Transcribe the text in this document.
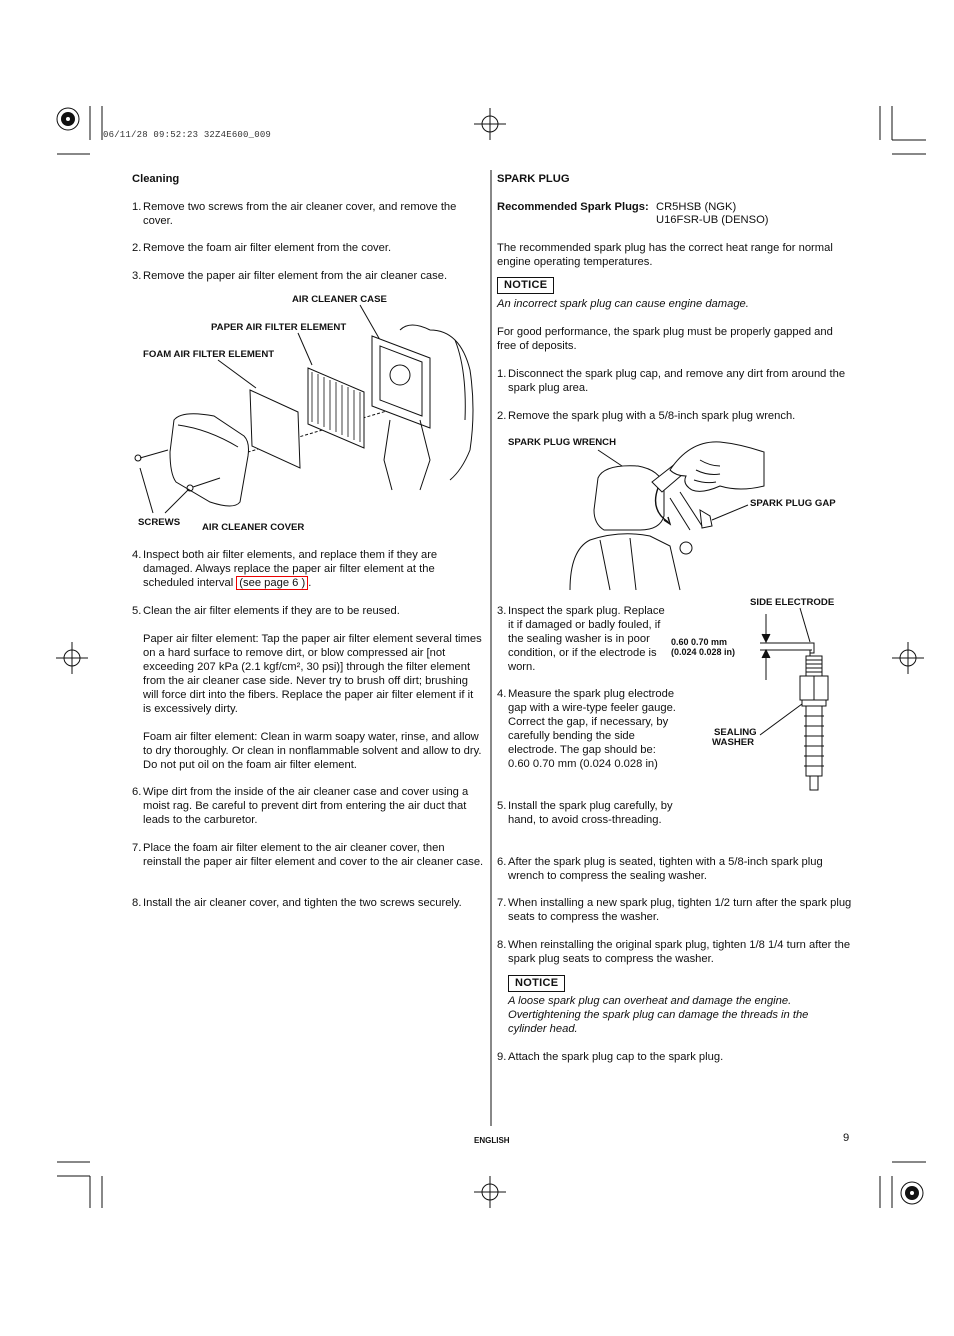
06/11/28 09:52:23 32Z4E600_009
Cleaning
1. Remove two screws from the air cleaner cover, and remove the cover.
2. Remove the foam air filter element from the cover.
3. Remove the paper air filter element from the air cleaner case.
AIR CLEANER CASE
PAPER AIR FILTER ELEMENT
FOAM AIR FILTER ELEMENT
SCREWS AIR CLEANER COVER
4. Inspect both air filter elements, and replace them if they are damaged. Always replace the paper air filter element at the scheduled interval (see page 6 ) .
5. Clean the air filter elements if they are to be reused.
Paper air filter element: Tap the paper air filter element several times on a hard surface to remove dirt, or blow compressed air [not exceeding 207 kPa (2.1 kgf/cm², 30 psi)] through the filter element from the air cleaner case side. Never try to brush off dirt; brushing will force dirt into the fibers. Replace the paper air filter element if it is excessively dirty.
Foam air filter element: Clean in warm soapy water, rinse, and allow to dry thoroughly. Or clean in nonflammable solvent and allow to dry. Do not put oil on the foam air filter element.
6. Wipe dirt from the inside of the air cleaner case and cover using a moist rag. Be careful to prevent dirt from entering the air duct that leads to the carburetor.
7. Place the foam air filter element to the air cleaner cover, then reinstall the paper air filter element and cover to the air cleaner case.
8. Install the air cleaner cover, and tighten the two screws securely.
SPARK PLUG
Recommended Spark Plugs: CR5HSB (NGK)
U16FSR-UB (DENSO)
The recommended spark plug has the correct heat range for normal engine operating temperatures.
NOTICE
An incorrect spark plug can cause engine damage.
For good performance, the spark plug must be properly gapped and free of deposits.
1. Disconnect the spark plug cap, and remove any dirt from around the spark plug area.
2. Remove the spark plug with a 5/8-inch spark plug wrench.
SPARK PLUG WRENCH
SPARK PLUG GAP
SIDE ELECTRODE
0.60 0.70 mm
(0.024 0.028 in)
SEALING
WASHER
3. Inspect the spark plug. Replace it if damaged or badly fouled, if the sealing washer is in poor condition, or if the electrode is worn.
4. Measure the spark plug electrode gap with a wire-type feeler gauge. Correct the gap, if necessary, by carefully bending the side electrode. The gap should be:
0.60 0.70 mm (0.024 0.028 in)
5. Install the spark plug carefully, by hand, to avoid cross-threading.
6. After the spark plug is seated, tighten with a 5/8-inch spark plug wrench to compress the sealing washer.
7. When installing a new spark plug, tighten 1/2 turn after the spark plug seats to compress the washer.
8. When reinstalling the original spark plug, tighten 1/8 1/4 turn after the spark plug seats to compress the washer.
NOTICE
A loose spark plug can overheat and damage the engine. Overtightening the spark plug can damage the threads in the cylinder head.
9. Attach the spark plug cap to the spark plug.
ENGLISH	9
